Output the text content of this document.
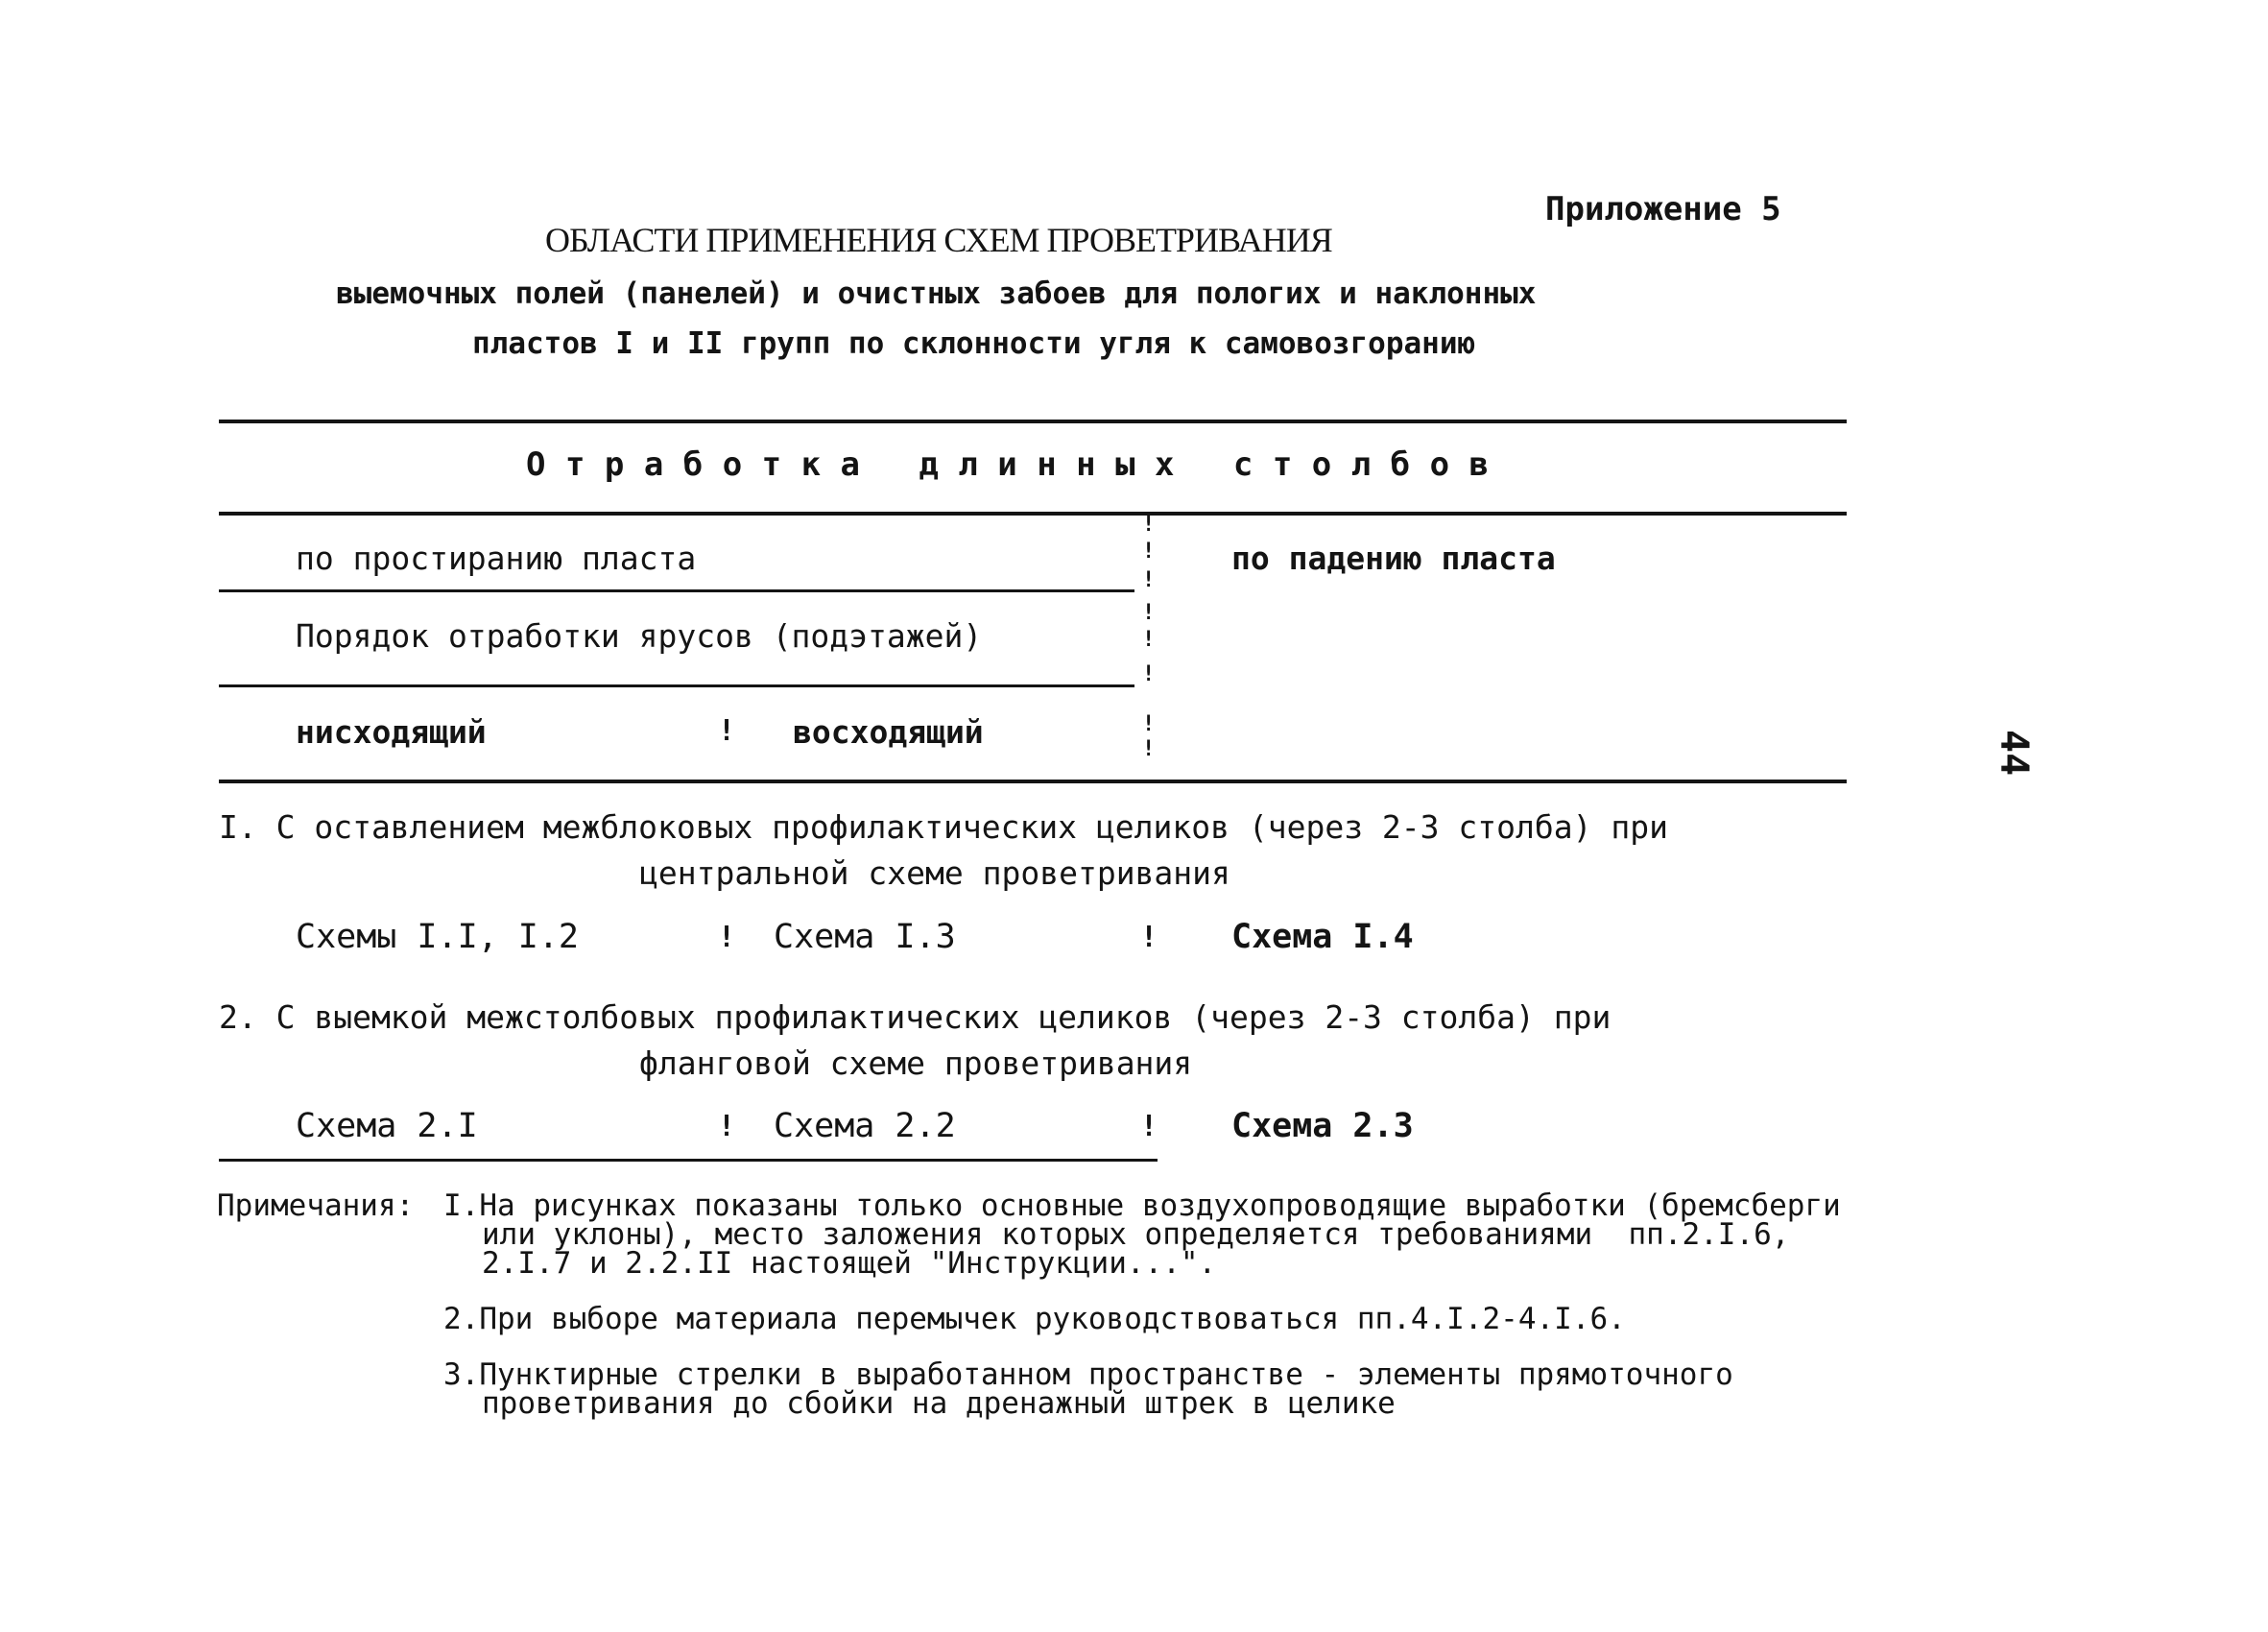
Приложение 5
44
ОБЛАСТИ ПРИМЕНЕНИЯ СХЕМ ПРОВЕТРИВАНИЯ
выемочных полей (панелей) и очистных забоев для пологих и наклонных
пластов I и II групп по склонности угля к самовозгоранию
О т р а б о т к а   д л и н н ы х   с т о л б о в
по простиранию пласта	по падению пласта
Порядок отработки ярусов (подэтажей)
нисходящий	! восходящий
!
!
!
!
!
!
!
!
I. С оставлением межблоковых профилактических целиков (через 2-3 столба) при
центральной схеме проветривания
Схемы I.I, I.2	! Схема I.3	! Схема I.4
2. С выемкой межстолбовых профилактических целиков (через 2-3 столба) при
фланговой схеме проветривания
Схема 2.I	! Схема 2.2	! Схема 2.3
Примечания: I.На рисунках показаны только основные воздухопроводящие выработки (бремсберги
или уклоны), место заложения которых определяется требованиями  пп.2.I.6,
2.I.7 и 2.2.II настоящей "Инструкции...".
2.При выборе материала перемычек руководствоваться пп.4.I.2-4.I.6.
3.Пунктирные стрелки в выработанном пространстве - элементы прямоточного
проветривания до сбойки на дренажный штрек в целике
